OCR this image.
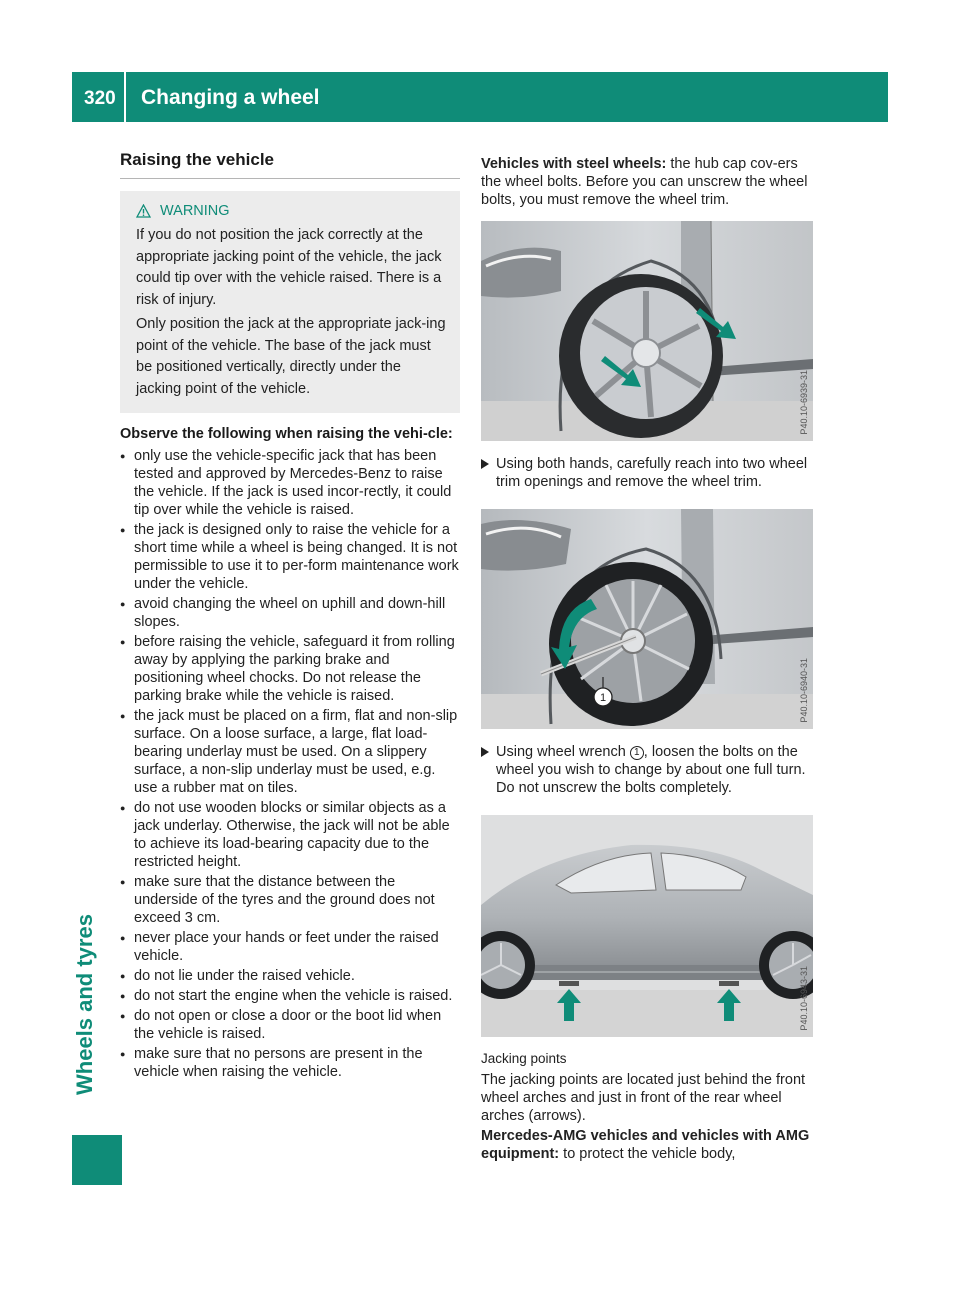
320 Changing a wheel
Wheels and tyres
Raising the vehicle
WARNING

If you do not position the jack correctly at the appropriate jacking point of the vehicle, the jack could tip over with the vehicle raised. There is a risk of injury.

Only position the jack at the appropriate jack-ing point of the vehicle. The base of the jack must be positioned vertically, directly under the jacking point of the vehicle.

Observe the following when raising the vehi-cle:
● only use the vehicle-specific jack that has been tested and approved by Mercedes-Benz to raise the vehicle. If the jack is used incor-rectly, it could tip over while the vehicle is raised.
● the jack is designed only to raise the vehicle for a short time while a wheel is being changed. It is not permissible to use it to per-form maintenance work under the vehicle.
● avoid changing the wheel on uphill and down-hill slopes.
● before raising the vehicle, safeguard it from rolling away by applying the parking brake and positioning wheel chocks. Do not release the parking brake while the vehicle is raised.
● the jack must be placed on a firm, flat and non-slip surface. On a loose surface, a large, flat load-bearing underlay must be used. On a slippery surface, a non-slip underlay must be used, e.g. use a rubber mat on tiles.
● do not use wooden blocks or similar objects as a jack underlay. Otherwise, the jack will not be able to achieve its load-bearing capacity due to the restricted height.
● make sure that the distance between the underside of the tyres and the ground does not exceed 3 cm.
● never place your hands or feet under the raised vehicle.
● do not lie under the raised vehicle.
● do not start the engine when the vehicle is raised.
● do not open or close a door or the boot lid when the vehicle is raised.
● make sure that no persons are present in the vehicle when raising the vehicle.

Vehicles with steel wheels: the hub cap cov-ers the wheel bolts. Before you can unscrew the wheel bolts, you must remove the wheel trim.

P40.10-6939-31
Using both hands, carefully reach into two wheel trim openings and remove the wheel trim.
1	P40.10-6940-31
Using wheel wrench 1 , loosen the bolts on the wheel you wish to change by about one full turn. Do not unscrew the bolts completely.
P40.10-6943-31
Jacking points

The jacking points are located just behind the front wheel arches and just in front of the rear wheel arches (arrows).

Mercedes-AMG vehicles and vehicles with AMG equipment: to protect the vehicle body,
